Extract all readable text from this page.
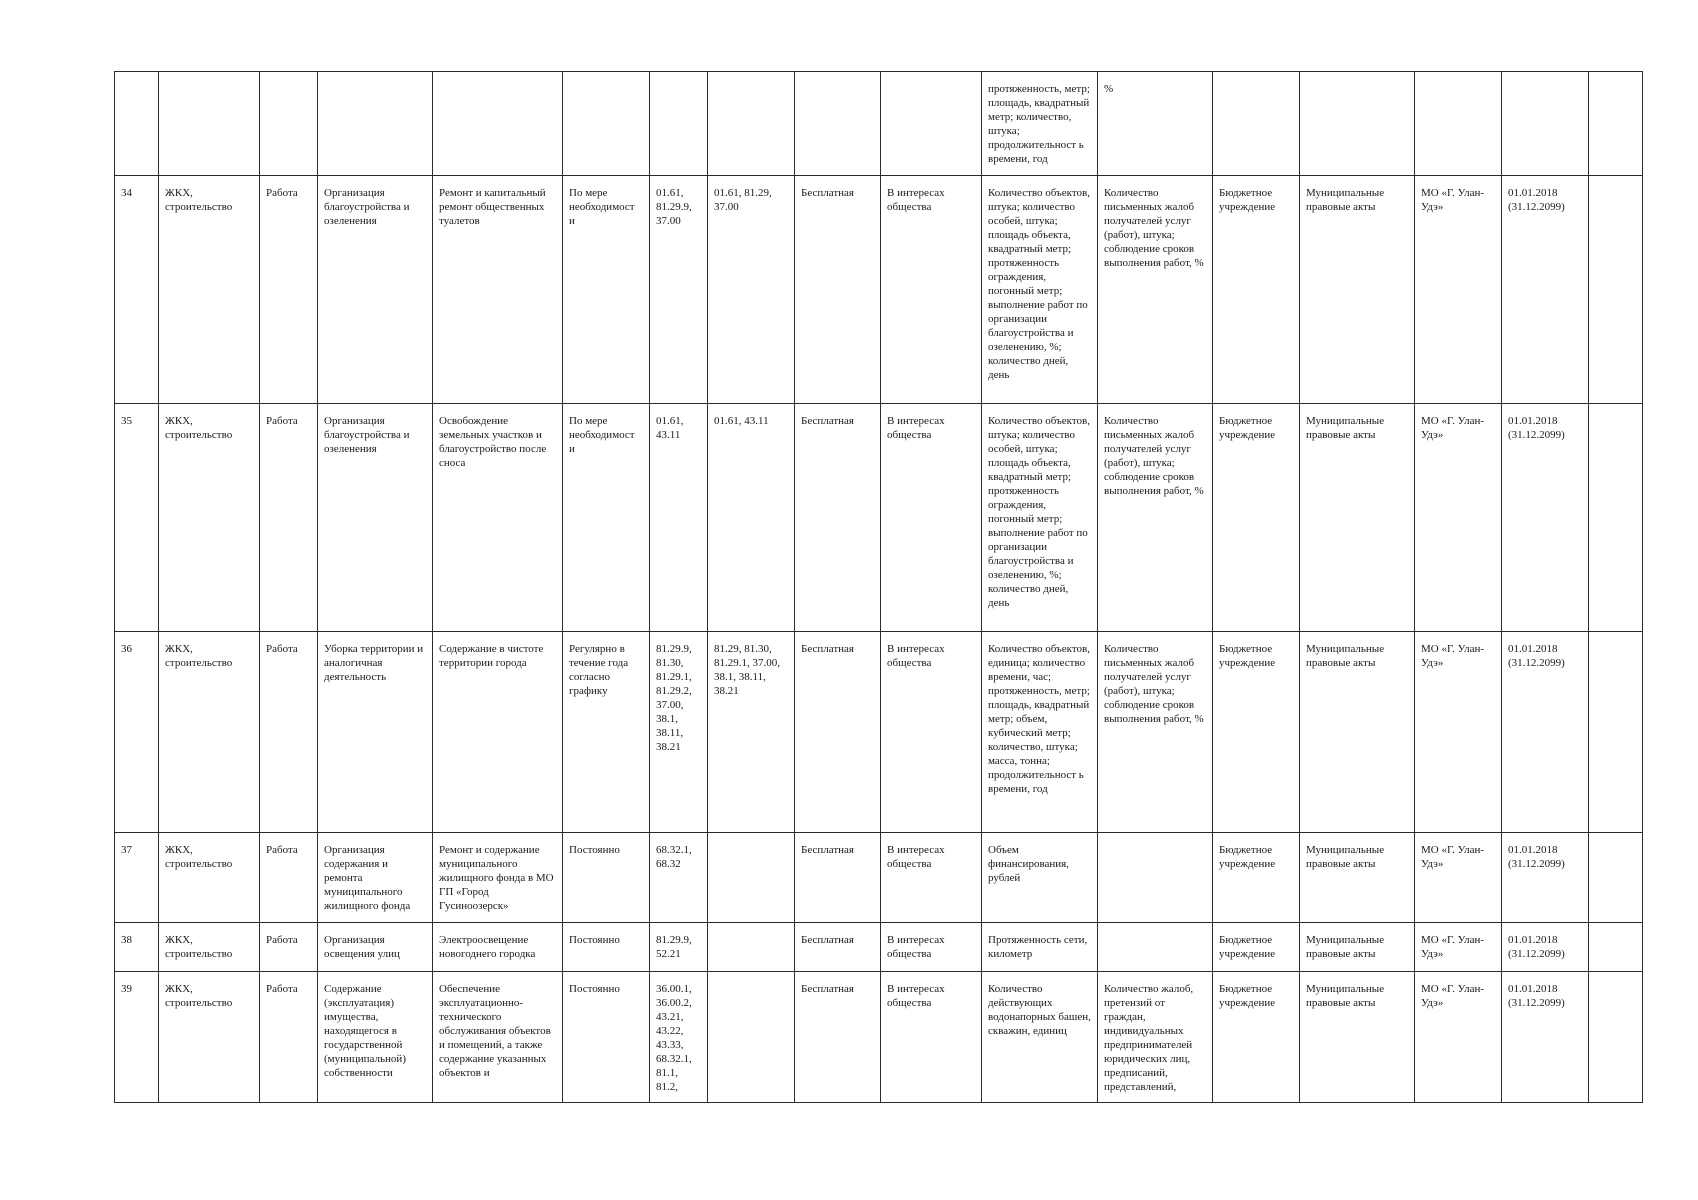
										протяженность, метр; площадь, квадратный метр; количество, штука; продолжительност ь времени, год	%					
34	ЖКХ, строительство	Работа	Организация благоустройства и озеленения	Ремонт и капитальный ремонт общественных туалетов	По мере необходимост и	01.61, 81.29.9, 37.00	01.61, 81.29, 37.00	Бесплатная	В интересах общества	Количество объектов, штука; количество особей, штука; площадь объекта, квадратный метр; протяженность ограждения, погонный метр; выполнение работ по организации благоустройства и озеленению, %; количество дней, день	Количество письменных жалоб получателей услуг (работ), штука; соблюдение сроков выполнения работ, %	Бюджетное учреждение	Муниципальные правовые акты	МО «Г. Улан-Удэ»	01.01.2018
(31.12.2099)	
35	ЖКХ, строительство	Работа	Организация благоустройства и озеленения	Освобождение земельных участков и благоустройство после сноса	По мере необходимост и	01.61, 43.11	01.61, 43.11	Бесплатная	В интересах общества	Количество объектов, штука; количество особей, штука; площадь объекта, квадратный метр; протяженность ограждения, погонный метр; выполнение работ по организации благоустройства и озеленению, %; количество дней, день	Количество письменных жалоб получателей услуг (работ), штука; соблюдение сроков выполнения работ, %	Бюджетное учреждение	Муниципальные правовые акты	МО «Г. Улан-Удэ»	01.01.2018
(31.12.2099)	
36	ЖКХ, строительство	Работа	Уборка территории и аналогичная деятельность	Содержание в чистоте территории города	Регулярно в течение года согласно графику	81.29.9, 81.30, 81.29.1, 81.29.2, 37.00, 38.1, 38.11, 38.21	81.29, 81.30, 81.29.1, 37.00, 38.1, 38.11, 38.21	Бесплатная	В интересах общества	Количество объектов, единица; количество времени, час; протяженность, метр; площадь, квадратный метр; объем, кубический метр; количество, штука; масса, тонна; продолжительност ь времени, год	Количество письменных жалоб получателей услуг (работ), штука; соблюдение сроков выполнения работ, %	Бюджетное учреждение	Муниципальные правовые акты	МО «Г. Улан-Удэ»	01.01.2018
(31.12.2099)	
37	ЖКХ, строительство	Работа	Организация содержания и ремонта муниципального жилищного фонда	Ремонт и содержание муниципального жилищного фонда в МО ГП «Город Гусиноозерск»	Постоянно	68.32.1, 68.32		Бесплатная	В интересах общества	Объем финансирования, рублей		Бюджетное учреждение	Муниципальные правовые акты	МО «Г. Улан-Удэ»	01.01.2018
(31.12.2099)	
38	ЖКХ, строительство	Работа	Организация освещения улиц	Электроосвещение новогоднего городка	Постоянно	81.29.9, 52.21		Бесплатная	В интересах общества	Протяженность сети, километр		Бюджетное учреждение	Муниципальные правовые акты	МО «Г. Улан-Удэ»	01.01.2018
(31.12.2099)	
39	ЖКХ, строительство	Работа	Содержание (эксплуатация) имущества, находящегося в государственной (муниципальной) собственности	Обеспечение эксплуатационно-технического обслуживания объектов и помещений, а также содержание указанных объектов и	Постоянно	36.00.1, 36.00.2, 43.21, 43.22, 43.33, 68.32.1, 81.1, 81.2,		Бесплатная	В интересах общества	Количество действующих водонапорных башен, скважин, единиц	Количество жалоб, претензий от граждан, индивидуальных предпринимателей юридических лиц, предписаний, представлений,	Бюджетное учреждение	Муниципальные правовые акты	МО «Г. Улан-Удэ»	01.01.2018
(31.12.2099)	
